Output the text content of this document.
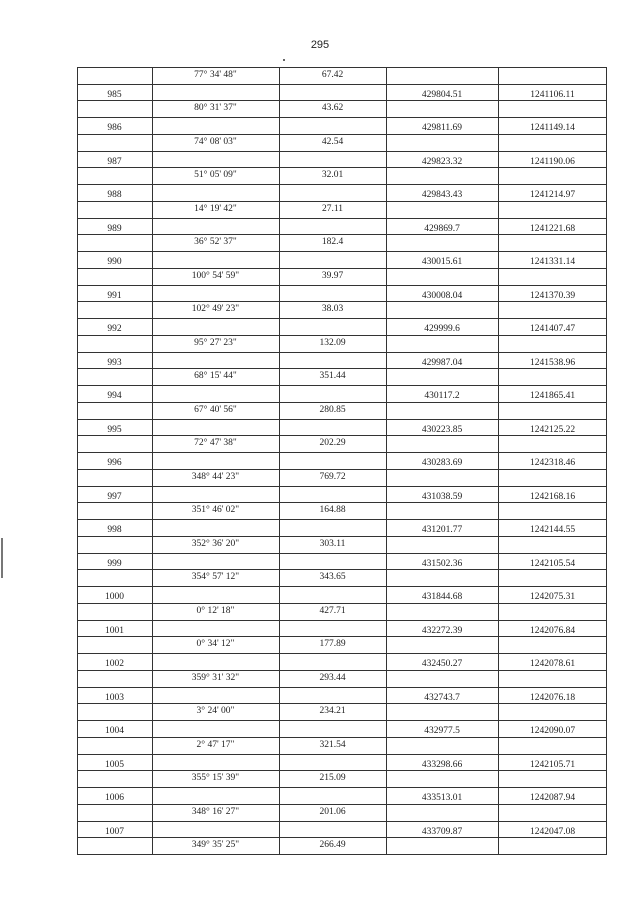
295
77° 34' 48"	67.42
985	429804.51	1241106.11
80° 31' 37"	43.62
986	429811.69	1241149.14
74° 08' 03"	42.54
987	429823.32	1241190.06
51° 05' 09"	32.01
988	429843.43	1241214.97
14° 19' 42"	27.11
989	429869.7	1241221.68
36° 52' 37"	182.4
990	430015.61	1241331.14
100° 54' 59"	39.97
991	430008.04	1241370.39
102° 49' 23"	38.03
992	429999.6	1241407.47
95° 27' 23"	132.09
993	429987.04	1241538.96
68° 15' 44"	351.44
994	430117.2	1241865.41
67° 40' 56"	280.85
995	430223.85	1242125.22
72° 47' 38"	202.29
996	430283.69	1242318.46
348° 44' 23"	769.72
997	431038.59	1242168.16
351° 46' 02"	164.88
998	431201.77	1242144.55
352° 36' 20"	303.11
999	431502.36	1242105.54
354° 57' 12"	343.65
1000	431844.68	1242075.31
0° 12' 18"	427.71
1001	432272.39	1242076.84
0° 34' 12"	177.89
1002	432450.27	1242078.61
359° 31' 32"	293.44
1003	432743.7	1242076.18
3° 24' 00"	234.21
1004	432977.5	1242090.07
2° 47' 17"	321.54
1005	433298.66	1242105.71
355° 15' 39"	215.09
1006	433513.01	1242087.94
348° 16' 27"	201.06
1007	433709.87	1242047.08
349° 35' 25"	266.49
